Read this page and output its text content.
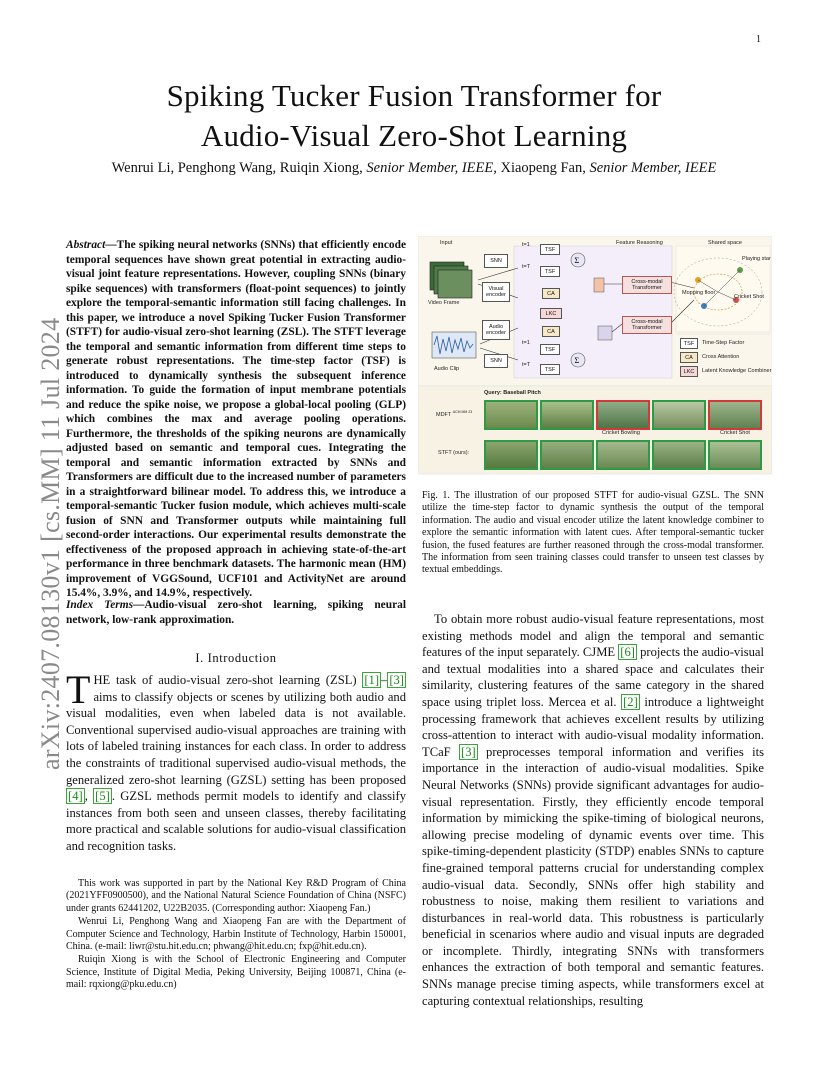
1
arXiv:2407.08130v1 [cs.MM] 11 Jul 2024
Spiking Tucker Fusion Transformer for
Audio-Visual Zero-Shot Learning
Wenrui Li, Penghong Wang, Ruiqin Xiong, Senior Member, IEEE, Xiaopeng Fan, Senior Member, IEEE
Abstract—The spiking neural networks (SNNs) that efficiently encode temporal sequences have shown great potential in extracting audio-visual joint feature representations. However, coupling SNNs (binary spike sequences) with transformers (float-point sequences) to jointly explore the temporal-semantic information still facing challenges. In this paper, we introduce a novel Spiking Tucker Fusion Transformer (STFT) for audio-visual zero-shot learning (ZSL). The STFT leverage the temporal and semantic information from different time steps to generate robust representations. The time-step factor (TSF) is introduced to dynamically synthesis the subsequent inference information. To guide the formation of input membrane potentials and reduce the spike noise, we propose a global-local pooling (GLP) which combines the max and average pooling operations. Furthermore, the thresholds of the spiking neurons are dynamically adjusted based on semantic and temporal cues. Integrating the temporal and semantic information extracted by SNNs and Transformers are difficult due to the increased number of parameters in a straightforward bilinear model. To address this, we introduce a temporal-semantic Tucker fusion module, which achieves multi-scale fusion of SNN and Transformer outputs while maintaining full second-order interactions. Our experimental results demonstrate the effectiveness of the proposed approach in achieving state-of-the-art performance in three benchmark datasets. The harmonic mean (HM) improvement of VGGSound, UCF101 and ActivityNet are around 15.4%, 3.9%, and 14.9%, respectively.
Index Terms—Audio-visual zero-shot learning, spiking neural network, low-rank approximation.
I. Introduction
THE task of audio-visual zero-shot learning (ZSL) [1] – [3] aims to classify objects or scenes by utilizing both audio and visual modalities, even when labeled data is not available. Conventional supervised audio-visual approaches are training with lots of labeled training instances for each class. In order to address the constraints of traditional supervised audio-visual methods, the generalized zero-shot learning (GZSL) setting has been proposed [4] , [5] . GZSL methods permit models to identify and classify instances from both seen and unseen classes, thereby facilitating more practical and scalable solutions for audio-visual classification and recognition tasks.

This work was supported in part by the National Key R&D Program of China (2021YFF0900500), and the National Natural Science Foundation of China (NSFC) under grants 62441202, U22B2035. (Corresponding author: Xiaopeng Fan.)

Wenrui Li, Penghong Wang and Xiaopeng Fan are with the Department of Computer Science and Technology, Harbin Institute of Technology, Harbin 150001, China. (e-mail: liwr@stu.hit.edu.cn; phwang@hit.edu.cn; fxp@hit.edu.cn).

Ruiqin Xiong is with the School of Electronic Engineering and Computer Science, Institute of Digital Media, Peking University, Beijing 100871, China (e-mail: rqxiong@pku.edu.cn)

Σ
Σ
Input	Feature Reasoning	Shared space
Video Frame
Audio Clip
t=1
t=T
t=1
t=T
SNN
Visual encoder
Audio encoder
SNN
TSF
TSF
TSF
TSF
CA
LKC
CA
Cross-modal Transformer
Cross-modal Transformer
Playing star
Mopping floor
Cricket Shot
TSF	Time-Step Factor
CA	Cross Attention
LKC	Latent Knowledge Combiner
Query: Baseball Pitch
MDFT $^{ACM MM 23}$
STFT (ours):
Cricket Bowling	Cricket Shot
Fig. 1. The illustration of our proposed STFT for audio-visual GZSL. The SNN utilize the time-step factor to dynamic synthesis the output of the temporal information. The audio and visual encoder utilize the latent knowledge combiner to explore the semantic information with latent cues. After temporal-semantic tucker fusion, the fused features are further reasoned through the cross-modal transformer. The information from seen training classes could transfer to unseen test classes by textual embeddings.
To obtain more robust audio-visual feature representations, most existing methods model and align the temporal and semantic features of the input separately. CJME [6] projects the audio-visual and textual modalities into a shared space and calculates their similarity, clustering features of the same category in the shared space using triplet loss. Mercea et al. [2] introduce a lightweight processing framework that achieves excellent results by utilizing cross-attention to interact with audio-visual modality information. TCaF [3] preprocesses temporal information and verifies its importance in the interaction of audio-visual modalities. Spike Neural Networks (SNNs) provide significant advantages for audio-visual representation. Firstly, they efficiently encode temporal information by mimicking the spike-timing of biological neurons, allowing precise modeling of dynamic events over time. This spike-timing-dependent plasticity (STDP) enables SNNs to capture fine-grained temporal patterns crucial for understanding complex audio-visual data. Secondly, SNNs offer high stability and robustness to noise, making them resilient to variations and disturbances in real-world data. This robustness is particularly beneficial in scenarios where audio and visual inputs are degraded or incomplete. Thirdly, integrating SNNs with transformers enhances the extraction of both temporal and semantic features. SNNs manage precise timing aspects, while transformers excel at capturing contextual relationships, resulting
